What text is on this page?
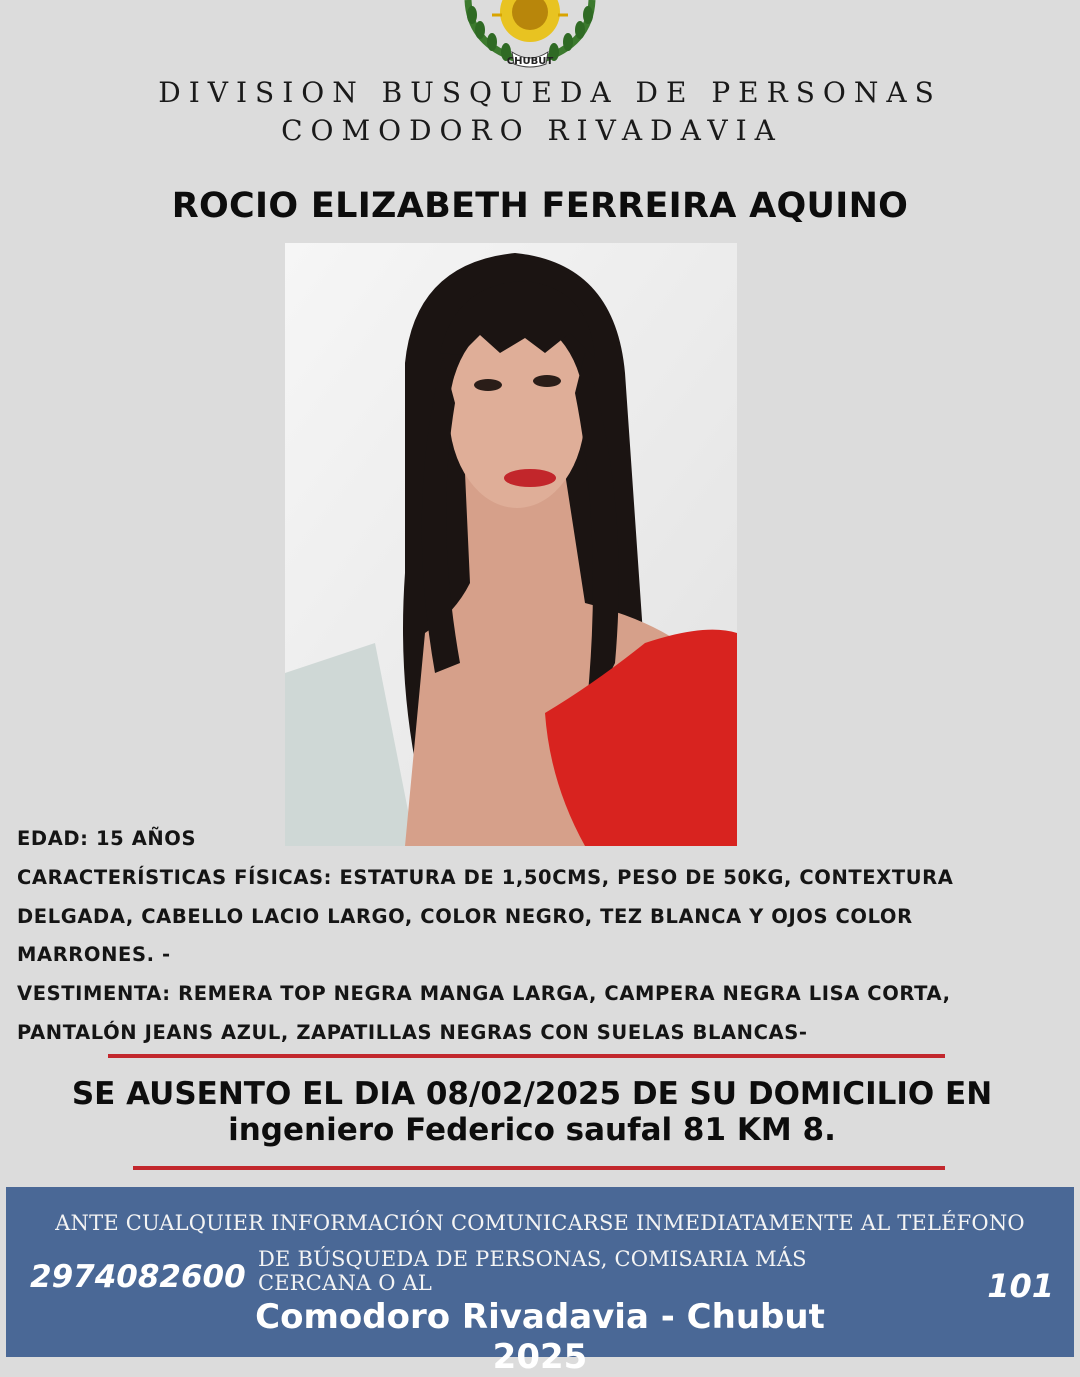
CHUBUT
DIVISION BUSQUEDA DE PERSONAS
COMODORO RIVADAVIA
ROCIO ELIZABETH FERREIRA AQUINO
EDAD: 15 AÑOS
CARACTERÍSTICAS FÍSICAS: ESTATURA DE 1,50CMS, PESO DE 50KG, CONTEXTURA
DELGADA, CABELLO LACIO LARGO, COLOR NEGRO, TEZ BLANCA Y OJOS COLOR
MARRONES. -
VESTIMENTA: REMERA TOP NEGRA MANGA LARGA, CAMPERA NEGRA LISA CORTA,
PANTALÓN JEANS AZUL, ZAPATILLAS NEGRAS CON SUELAS BLANCAS-
SE AUSENTO EL DIA 08/02/2025 DE SU DOMICILIO EN
ingeniero Federico saufal 81 KM 8.
ANTE CUALQUIER INFORMACIÓN COMUNICARSE INMEDIATAMENTE AL TELÉFONO
DE BÚSQUEDA DE PERSONAS, COMISARIA MÁS CERCANA O AL
2974082600	101
Comodoro Rivadavia - Chubut
2025
